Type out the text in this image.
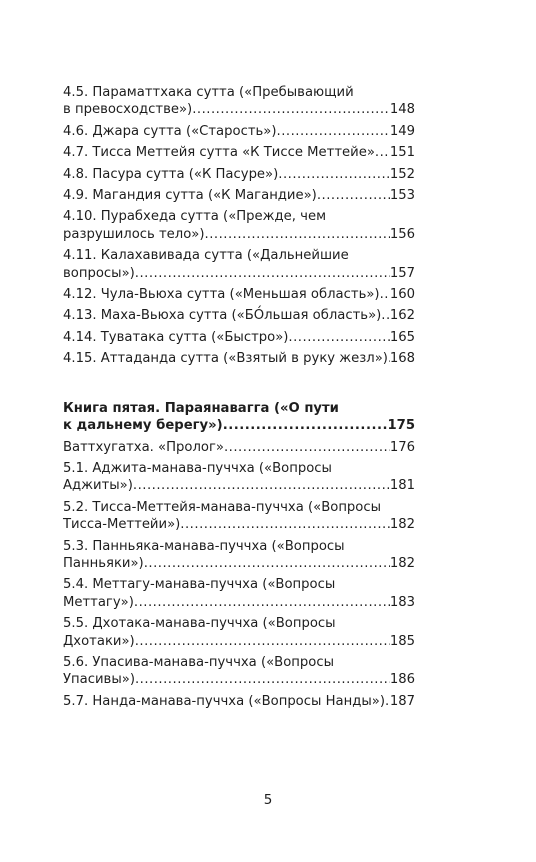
4.5. Параматтхака сутта («Пребывающий
в превосходстве») .....	148
4.6. Джара сутта («Старость») .....	149
4.7. Тисса Меттейя сутта «К Тиссе Меттейе» ..... 151
4.8. Пасура сутта («К Пасуре») .....	152
4.9. Магандия сутта («К Магандие») .....	153
4.10. Пурабхеда сутта («Прежде, чем
разрушилось тело») .....	156
4.11. Калахавивада сутта («Дальнейшие
вопросы») .....	157
4.12. Чула-Вьюха сутта («Меньшая область») ..... 160
4.13. Маха-Вьюха сутта («БО́льшая область») ..... 162
4.14. Туватака сутта («Быстро») .....	165
4.15. Аттаданда сутта («Взятый в руку жезл») ..... 168
Книга пятая. Параянавагга («О пути
к дальнему берегу») .....	175
Ваттхугатха. «Пролог» .....	176
5.1. Аджита-манава-пуччха («Вопросы
Аджиты») .....	181
5.2. Тисса-Меттейя-манава-пуччха («Вопросы
Тисса-Меттейи») .....	182
5.3. Панньяка-манава-пуччха («Вопросы
Панньяки») .....	182
5.4. Меттагу-манава-пуччха («Вопросы
Меттагу») .....	183
5.5. Дхотака-манава-пуччха («Вопросы
Дхотаки») .....	185
5.6. Упасива-манава-пуччха («Вопросы
Упасивы») .....	186
5.7. Нанда-манава-пуччха («Вопросы Нанды») ..... 187
5
